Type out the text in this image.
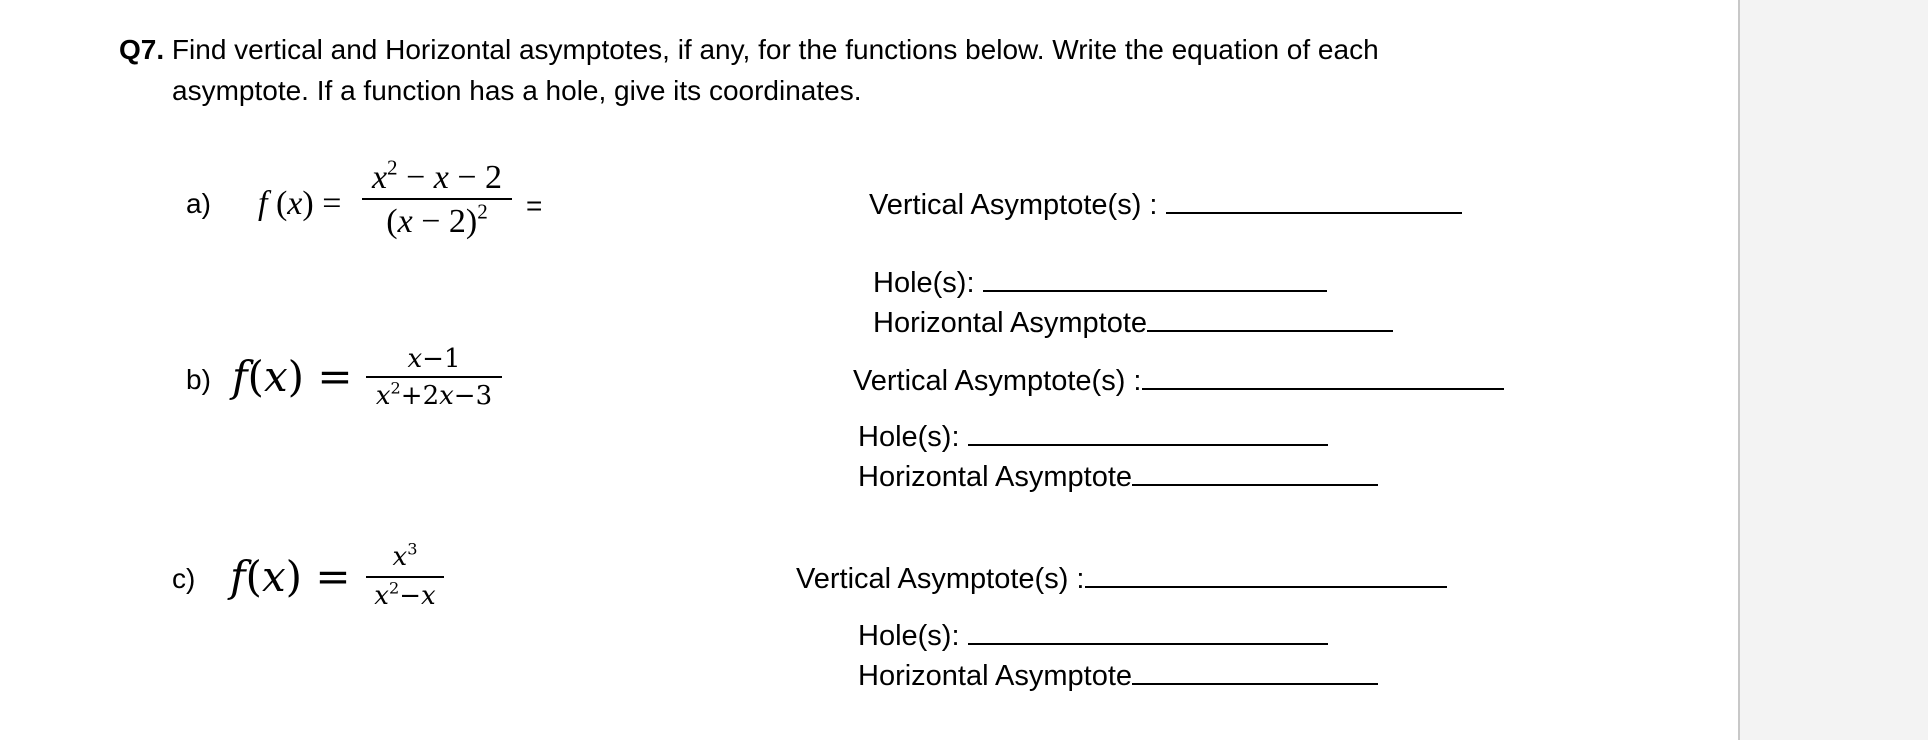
Q7. Find vertical and Horizontal asymptotes, if any, for the functions below. Write the equation of each
asymptote. If a function has a hole, give its coordinates.
a) f (x) =
$x^2 - x - 2$
$(x - 2)^2$ =	Vertical Asymptote(s) :
Hole(s):
Horizontal Asymptote
b) f(x) = x−1
$x^2+2x-3$	Vertical Asymptote(s) :
Hole(s):
Horizontal Asymptote
c) $f(x) = x^3$
$x^2-x$
Vertical Asymptote(s) :
Hole(s):
Horizontal Asymptote
